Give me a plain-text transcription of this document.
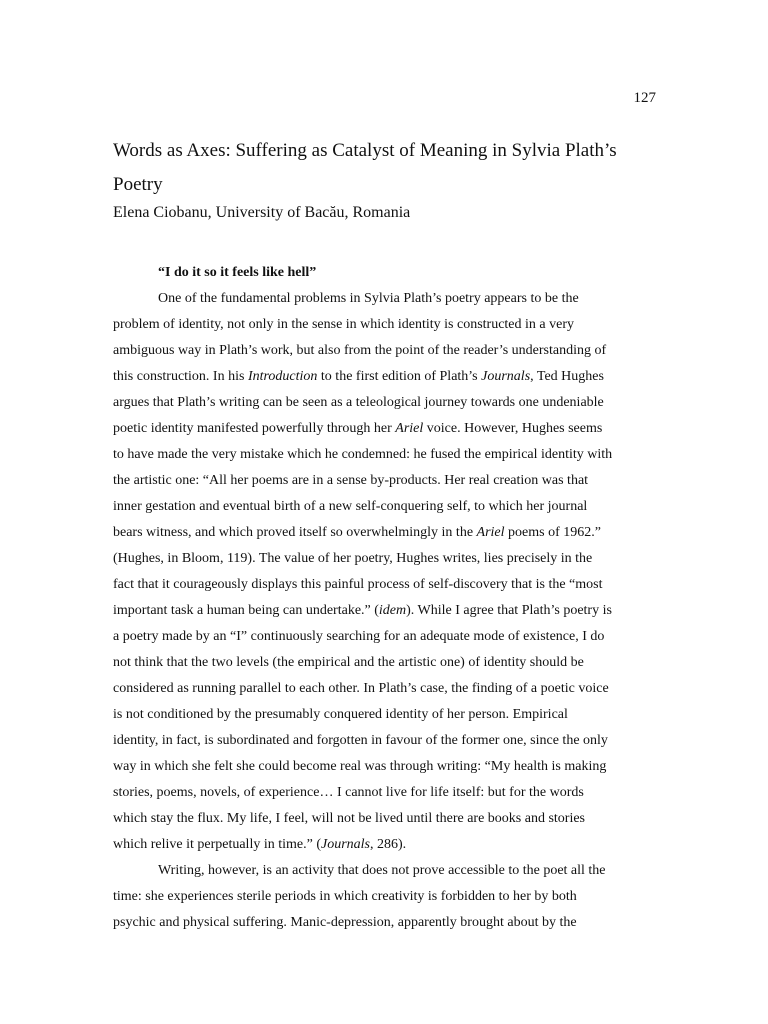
127
Words as Axes: Suffering as Catalyst of Meaning in Sylvia Plath’s
Poetry

Elena Ciobanu, University of Bacău, Romania

“I do it so it feels like hell”
One of the fundamental problems in Sylvia Plath’s poetry appears to be the
problem of identity, not only in the sense in which identity is constructed in a very
ambiguous way in Plath’s work, but also from the point of the reader’s understanding of
this construction. In his Introduction to the first edition of Plath’s Journals, Ted Hughes
argues that Plath’s writing can be seen as a teleological journey towards one undeniable
poetic identity manifested powerfully through her Ariel voice. However, Hughes seems
to have made the very mistake which he condemned: he fused the empirical identity with
the artistic one: “All her poems are in a sense by-products. Her real creation was that
inner gestation and eventual birth of a new self-conquering self, to which her journal
bears witness, and which proved itself so overwhelmingly in the Ariel poems of 1962.”
(Hughes, in Bloom, 119). The value of her poetry, Hughes writes, lies precisely in the
fact that it courageously displays this painful process of self-discovery that is the “most
important task a human being can undertake.” (idem). While I agree that Plath’s poetry is
a poetry made by an “I” continuously searching for an adequate mode of existence, I do
not think that the two levels (the empirical and the artistic one) of identity should be
considered as running parallel to each other. In Plath’s case, the finding of a poetic voice
is not conditioned by the presumably conquered identity of her person. Empirical
identity, in fact, is subordinated and forgotten in favour of the former one, since the only
way in which she felt she could become real was through writing: “My health is making
stories, poems, novels, of experience… I cannot live for life itself: but for the words
which stay the flux. My life, I feel, will not be lived until there are books and stories
which relive it perpetually in time.” (Journals, 286).
Writing, however, is an activity that does not prove accessible to the poet all the
time: she experiences sterile periods in which creativity is forbidden to her by both
psychic and physical suffering. Manic-depression, apparently brought about by the
